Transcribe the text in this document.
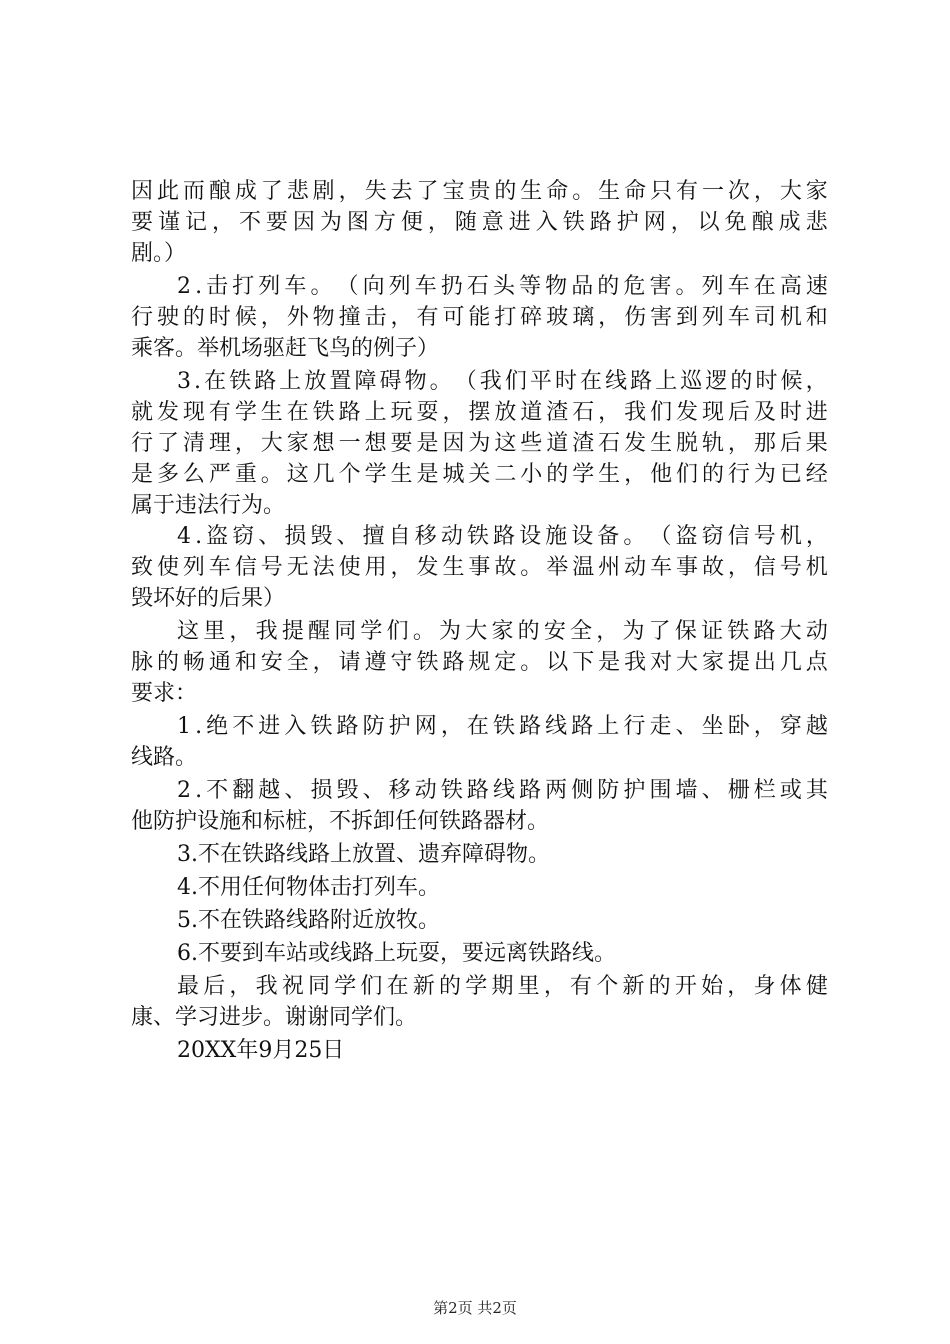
因 此 而 酿 成 了 悲 剧 ， 失 去 了 宝 贵 的 生 命 。 生 命 只 有 一 次 ， 大 家
要 谨 记 ， 不 要 因 为 图 方 便 ， 随 意 进 入 铁 路 护 网 ， 以 免 酿 成 悲
剧。）
2 . 击 打 列 车 。 （ 向 列 车 扔 石 头 等 物 品 的 危 害 。 列 车 在 高 速
行 驶 的 时 候 ， 外 物 撞 击 ， 有 可 能 打 碎 玻 璃 ， 伤 害 到 列 车 司 机 和
乘客。举机场驱赶飞鸟的例子）
3 . 在 铁 路 上 放 置 障 碍 物 。 （ 我 们 平 时 在 线 路 上 巡 逻 的 时 候 ，
就 发 现 有 学 生 在 铁 路 上 玩 耍 ， 摆 放 道 渣 石 ， 我 们 发 现 后 及 时 进
行 了 清 理 ， 大 家 想 一 想 要 是 因 为 这 些 道 渣 石 发 生 脱 轨 ， 那 后 果
是 多 么 严 重 。 这 几 个 学 生 是 城 关 二 小 的 学 生 ， 他 们 的 行 为 已 经
属于违法行为。
4 . 盗 窃 、 损 毁 、 擅 自 移 动 铁 路 设 施 设 备 。 （ 盗 窃 信 号 机 ，
致 使 列 车 信 号 无 法 使 用 ， 发 生 事 故 。 举 温 州 动 车 事 故 ， 信 号 机
毁坏好的后果）
这 里 ， 我 提 醒 同 学 们 。 为 大 家 的 安 全 ， 为 了 保 证 铁 路 大 动
脉 的 畅 通 和 安 全 ， 请 遵 守 铁 路 规 定 。 以 下 是 我 对 大 家 提 出 几 点
要求：
1 . 绝 不 进 入 铁 路 防 护 网 ， 在 铁 路 线 路 上 行 走 、 坐 卧 ， 穿 越
线路。
2 . 不 翻 越 、 损 毁 、 移 动 铁 路 线 路 两 侧 防 护 围 墙 、 栅 栏 或 其
他防护设施和标桩，不拆卸任何铁路器材。
3.不在铁路线路上放置、遗弃障碍物。
4.不用任何物体击打列车。
5.不在铁路线路附近放牧。
6.不要到车站或线路上玩耍，要远离铁路线。
最 后 ， 我 祝 同 学 们 在 新 的 学 期 里 ， 有 个 新 的 开 始 ， 身 体 健
康、学习进步。谢谢同学们。
20XX年9月25日
第2页 共2页
